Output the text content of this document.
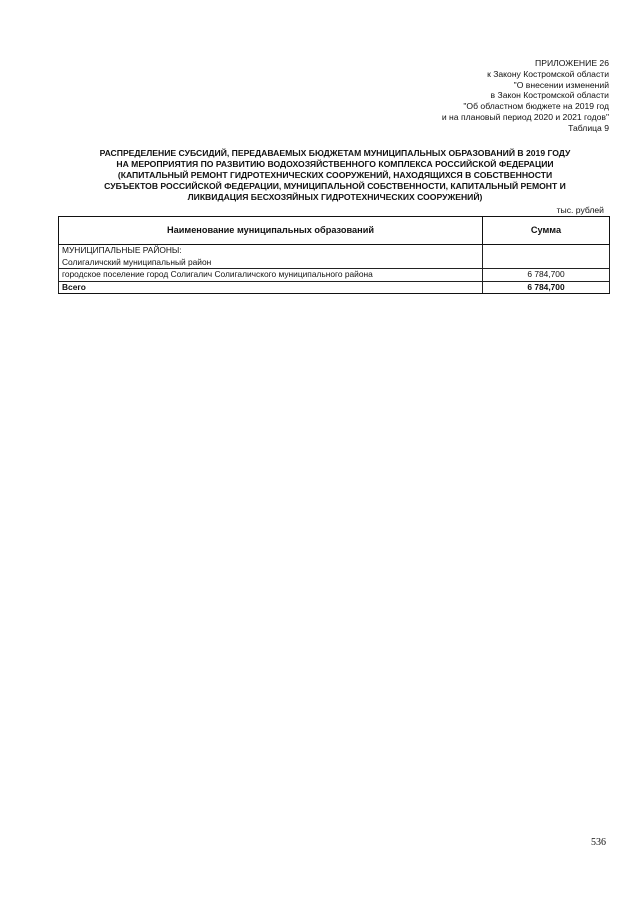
ПРИЛОЖЕНИЕ 26
к Закону Костромской области
"О внесении изменений
в Закон Костромской области
"Об областном бюджете на 2019 год
и на плановый период 2020 и 2021 годов"
Таблица 9
РАСПРЕДЕЛЕНИЕ СУБСИДИЙ, ПЕРЕДАВАЕМЫХ БЮДЖЕТАМ МУНИЦИПАЛЬНЫХ ОБРАЗОВАНИЙ В 2019 ГОДУ
НА МЕРОПРИЯТИЯ ПО РАЗВИТИЮ ВОДОХОЗЯЙСТВЕННОГО КОМПЛЕКСА РОССИЙСКОЙ ФЕДЕРАЦИИ
(КАПИТАЛЬНЫЙ РЕМОНТ ГИДРОТЕХНИЧЕСКИХ СООРУЖЕНИЙ, НАХОДЯЩИХСЯ В СОБСТВЕННОСТИ
СУБЪЕКТОВ РОССИЙСКОЙ ФЕДЕРАЦИИ, МУНИЦИПАЛЬНОЙ СОБСТВЕННОСТИ, КАПИТАЛЬНЫЙ РЕМОНТ И
ЛИКВИДАЦИЯ БЕСХОЗЯЙНЫХ ГИДРОТЕХНИЧЕСКИХ СООРУЖЕНИЙ)
тыс. рублей
Наименование муниципальных образований	Сумма
МУНИЦИПАЛЬНЫЕ РАЙОНЫ:	
Солигаличский муниципальный район	
городское поселение город Солигалич Солигаличского муниципального района	6 784,700
Всего	6 784,700
536
